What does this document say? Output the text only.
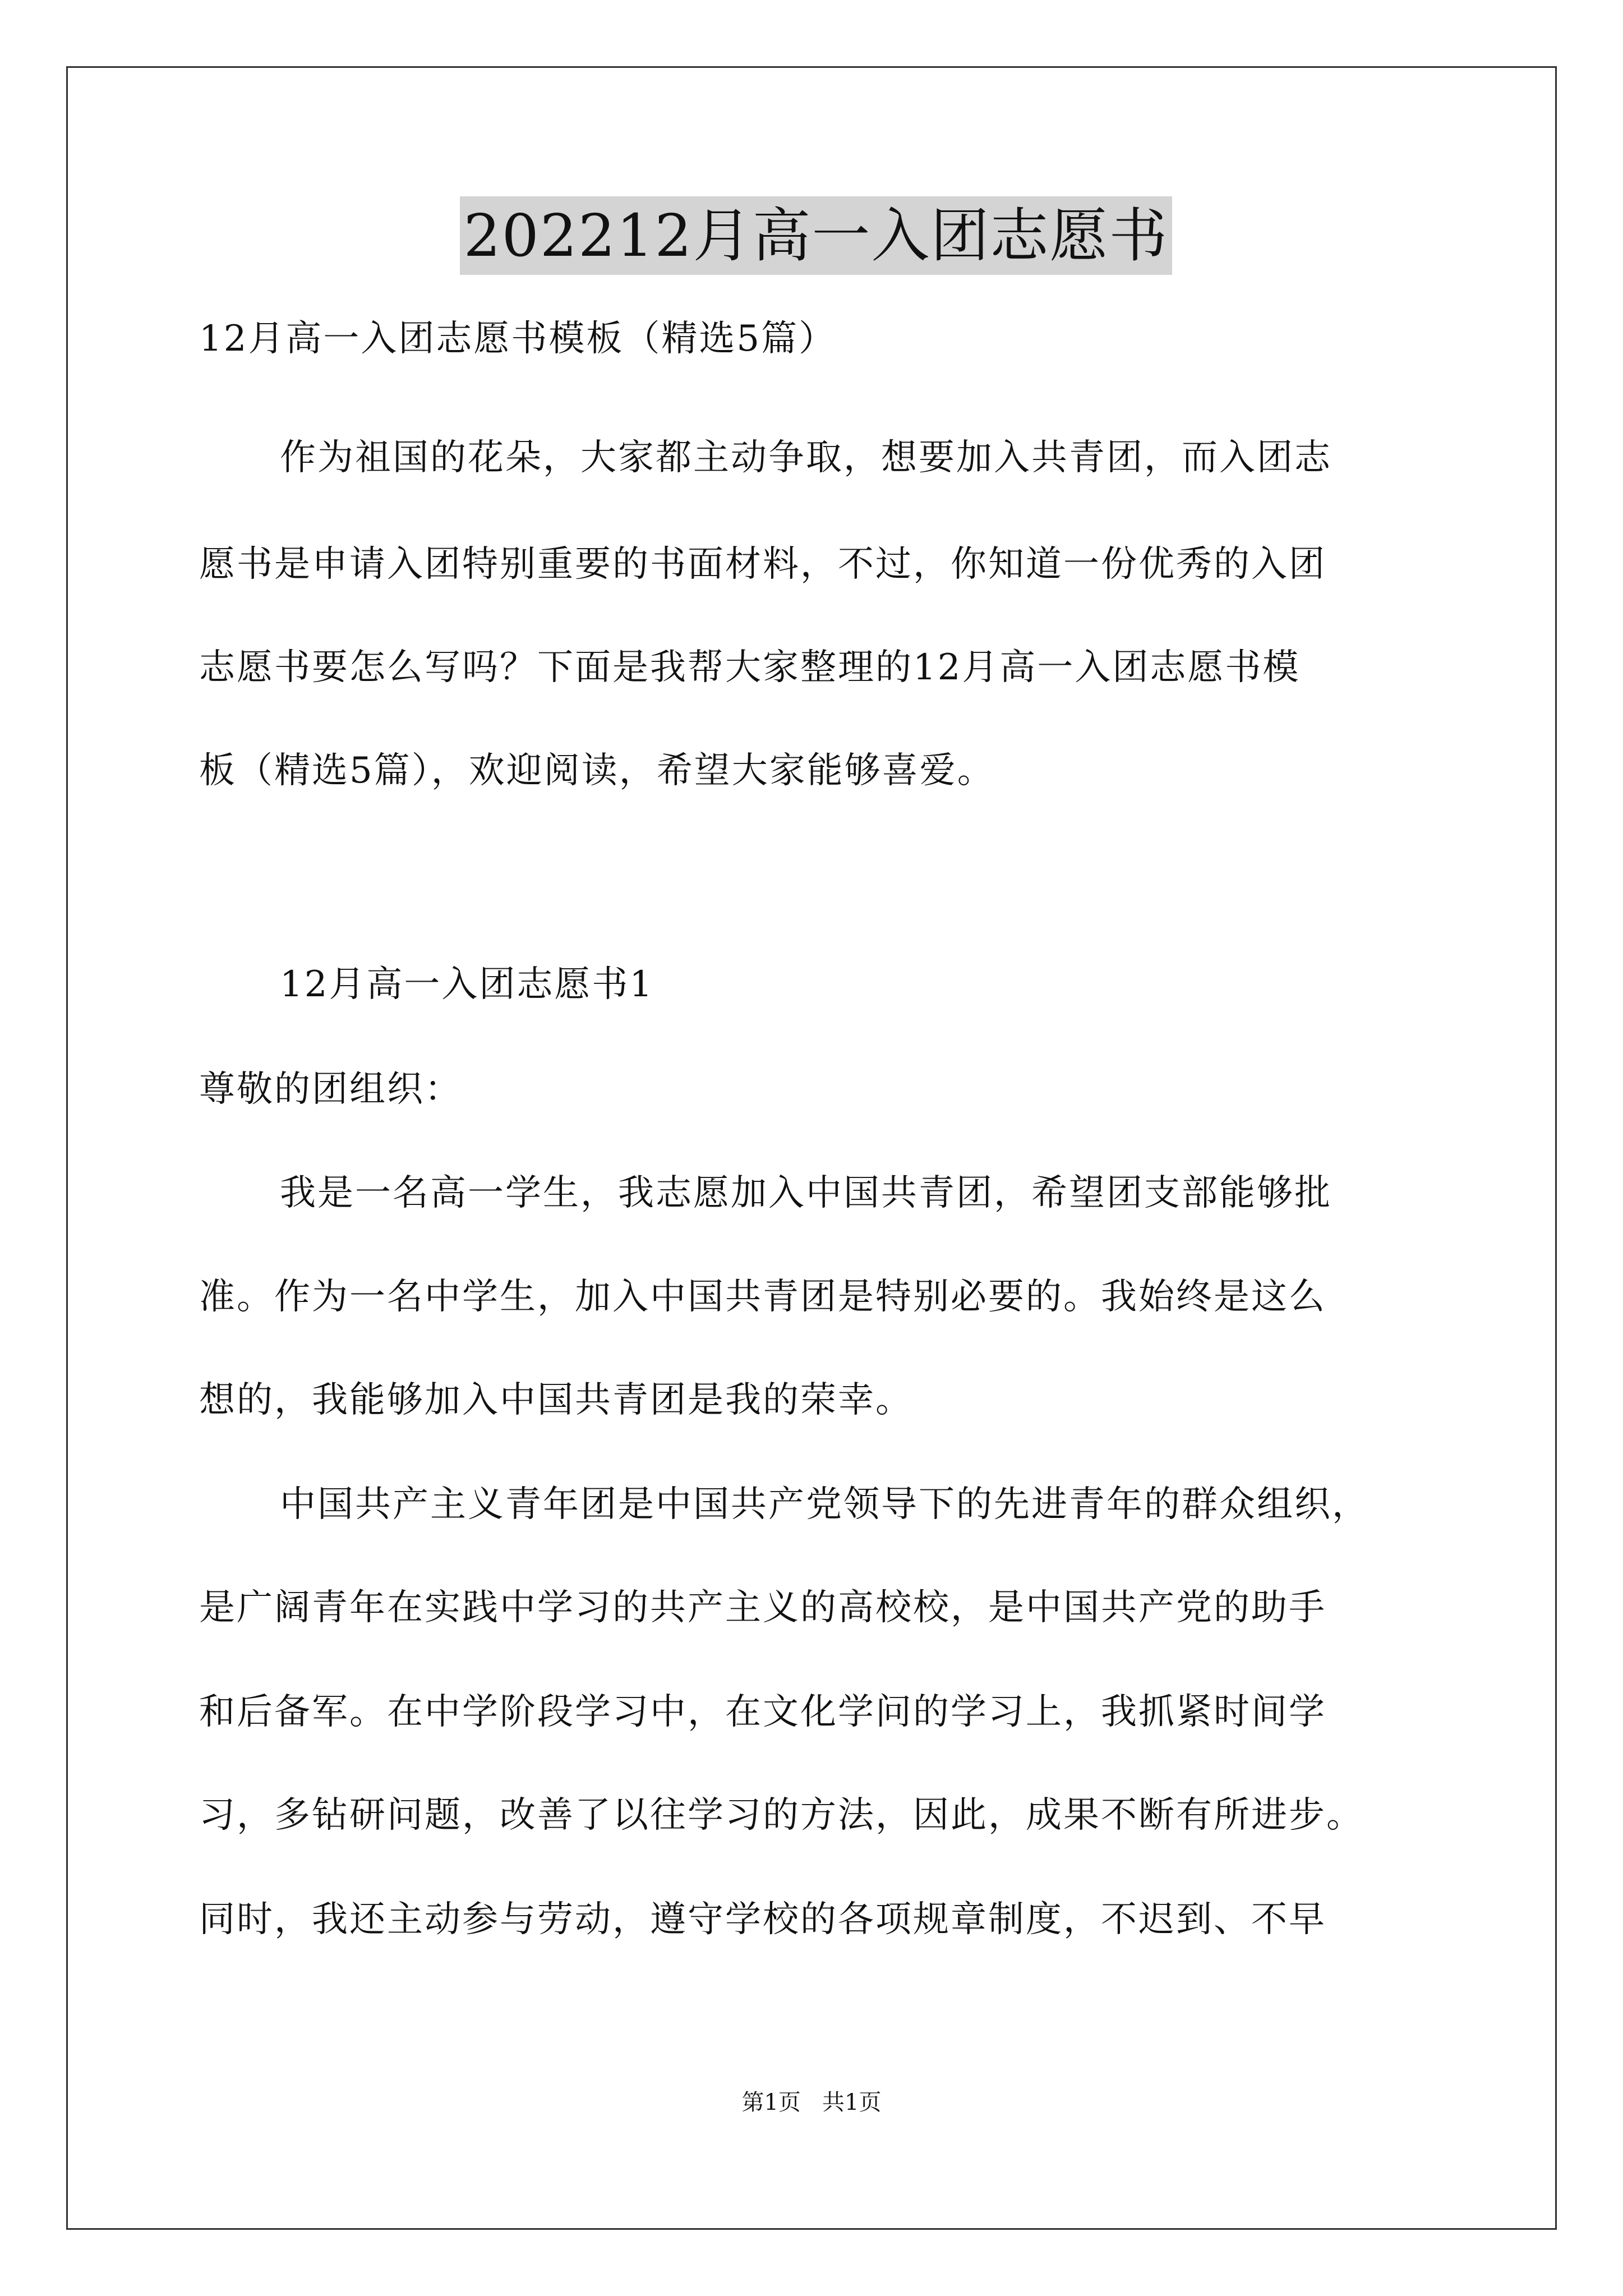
202212月高一入团志愿书
12月高一入团志愿书模板（精选5篇）
作为祖国的花朵，大家都主动争取，想要加入共青团，而入团志
愿书是申请入团特别重要的书面材料，不过，你知道一份优秀的入团
志愿书要怎么写吗？下面是我帮大家整理的12月高一入团志愿书模
板（精选5篇），欢迎阅读，希望大家能够喜爱。
12月高一入团志愿书1
尊敬的团组织：
我是一名高一学生，我志愿加入中国共青团，希望团支部能够批
准。作为一名中学生，加入中国共青团是特别必要的。我始终是这么
想的，我能够加入中国共青团是我的荣幸。
中国共产主义青年团是中国共产党领导下的先进青年的群众组织，
是广阔青年在实践中学习的共产主义的高校校，是中国共产党的助手
和后备军。在中学阶段学习中，在文化学问的学习上，我抓紧时间学
习，多钻研问题，改善了以往学习的方法，因此，成果不断有所进步。
同时，我还主动参与劳动，遵守学校的各项规章制度，不迟到、不早
第1页   共1页
